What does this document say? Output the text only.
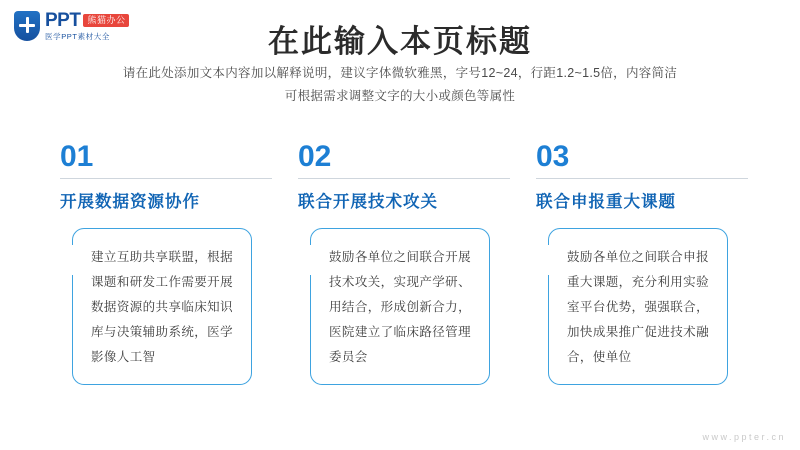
PPT 熊猫办公
医学PPT素材大全	在此输入本页标题
请在此处添加文本内容加以解释说明，建议字体微软雅黑，字号12~24，行距1.2~1.5倍，内容简洁
可根据需求调整文字的大小或颜色等属性
01
开展数据资源协作
建立互助共享联盟，根据课题和研发工作需要开展数据资源的共享临床知识库与决策辅助系统，医学影像人工智
02
联合开展技术攻关
鼓励各单位之间联合开展技术攻关，实现产学研、用结合，形成创新合力，医院建立了临床路径管理委员会
03
联合申报重大课题
鼓励各单位之间联合申报重大课题，充分利用实验室平台优势，强强联合，加快成果推广促进技术融合，使单位
www.ppter.cn
